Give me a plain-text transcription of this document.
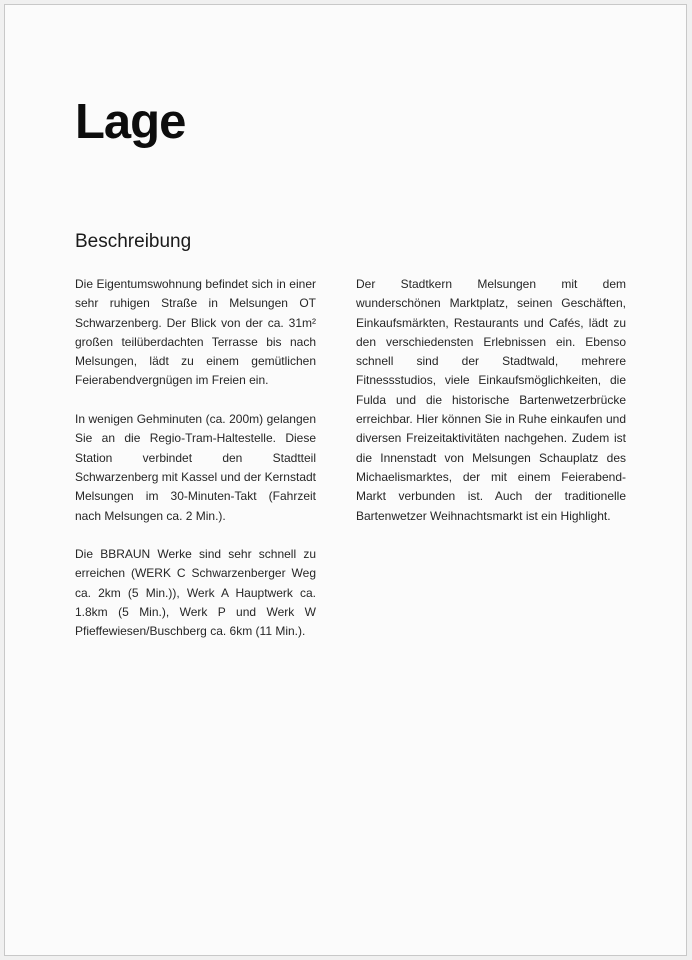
Lage
Beschreibung

Die Eigentumswohnung befindet sich in einer sehr ruhigen Straße in Melsungen OT Schwarzenberg. Der Blick von der ca. 31m² großen teilüberdachten Terrasse bis nach Melsungen, lädt zu einem gemütlichen Feierabendvergnügen im Freien ein.

In wenigen Gehminuten (ca. 200m) gelangen Sie an die Regio-Tram-Haltestelle. Diese Station verbindet den Stadtteil Schwarzenberg mit Kassel und der Kernstadt Melsungen im 30-Minuten-Takt (Fahrzeit nach Melsungen ca. 2 Min.).

Die BBRAUN Werke sind sehr schnell zu erreichen (WERK C Schwarzenberger Weg ca. 2km (5 Min.)), Werk A Hauptwerk ca. 1.8km (5 Min.), Werk P und Werk W Pfieffewiesen/Buschberg ca. 6km (11 Min.).

Der Stadtkern Melsungen mit dem wunderschönen Marktplatz, seinen Geschäften, Einkaufsmärkten, Restaurants und Cafés, lädt zu den verschiedensten Erlebnissen ein. Ebenso schnell sind der Stadtwald, mehrere Fitnessstudios, viele Einkaufsmöglichkeiten, die Fulda und die historische Bartenwetzerbrücke erreichbar. Hier können Sie in Ruhe einkaufen und diversen Freizeitaktivitäten nachgehen. Zudem ist die Innenstadt von Melsungen Schauplatz des Michaelismarktes, der mit einem Feierabend-Markt verbunden ist. Auch der traditionelle Bartenwetzer Weihnachtsmarkt ist ein Highlight.
